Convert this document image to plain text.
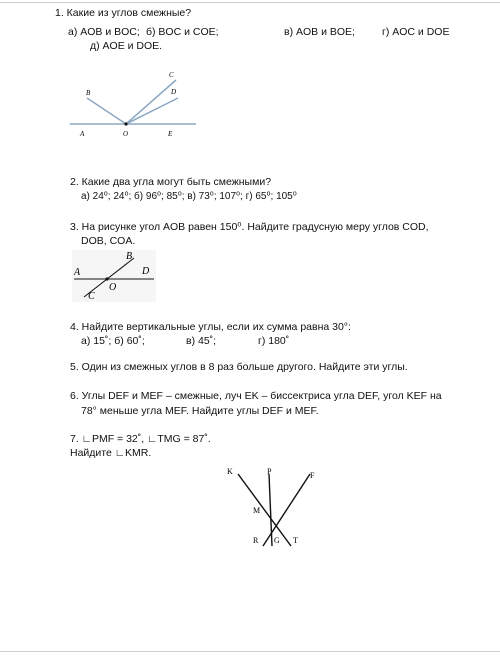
1. Какие из углов смежные?
а) AOB и BOC; б) BOC и COE;	в) AOB и BOE;	г) AOC и DOE
д) AOE и DOE.
B
C
D
A	O	E
2. Какие два угла могут быть смежными?
а) 24⁰; 24⁰; б) 96⁰; 85⁰; в) 73⁰; 107⁰; г) 65⁰; 105⁰
3. На рисунке угол AOB равен 150⁰. Найдите градусную меру углов COD,
DOB, COA.
B
A	D
O
C
4. Найдите вертикальные углы, если их сумма равна 30°:
а) 15˚; б) 60˚;	в) 45˚;	г) 180˚
5. Один из смежных углов в 8 раз больше другого. Найдите эти углы.
6. Углы DEF и MEF – смежные, луч EK – биссектриса угла DEF, угол KEF на
78° меньше угла MEF. Найдите углы DEF и MEF.
7. ∟PMF = 32˚, ∟TMG = 87˚.
Найдите ∟KMR.
K	P	F
M
R G T
